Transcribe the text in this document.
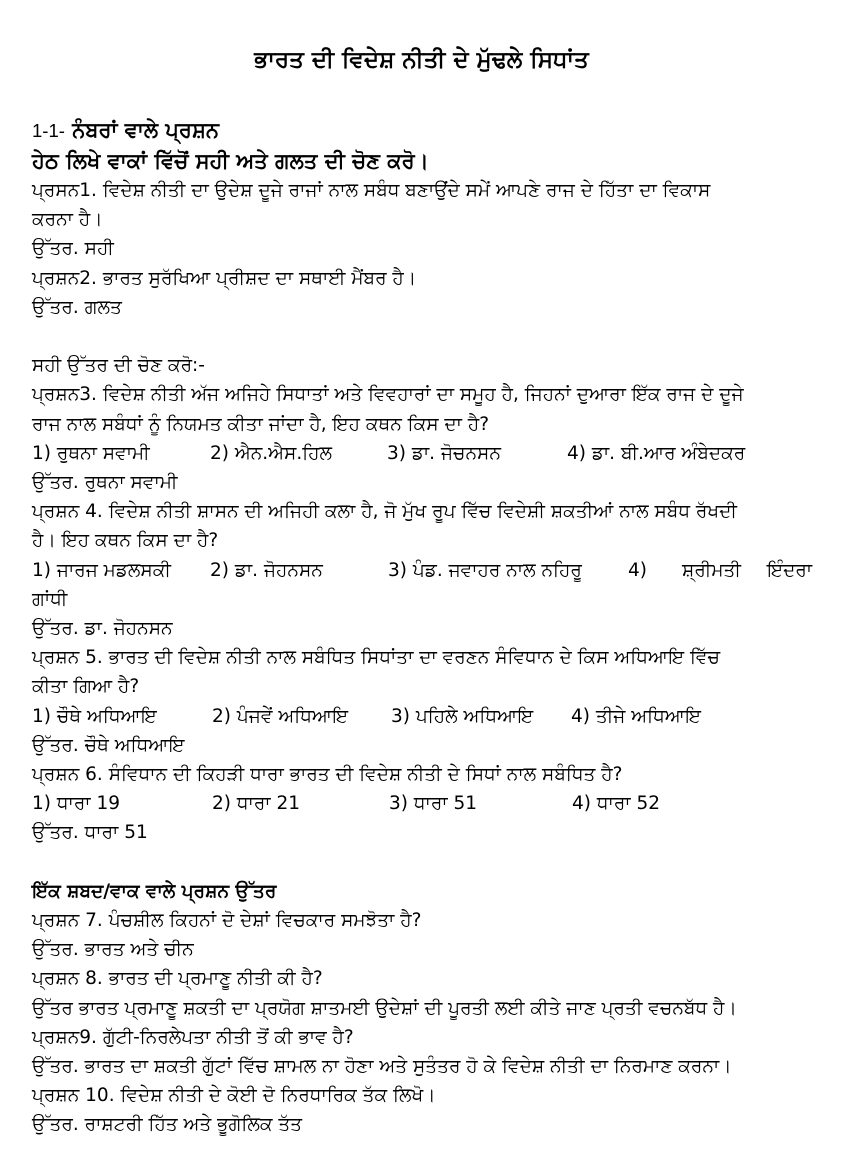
ਭਾਰਤ ਦੀ ਵਿਦੇਸ਼ ਨੀਤੀ ਦੇ ਮੁੱਢਲੇ ਸਿਧਾਂਤ
1-1- ਨੰਬਰਾਂ ਵਾਲੇ ਪ੍ਰਸ਼ਨ
ਹੇਠ ਲਿਖੇ ਵਾਕਾਂ ਵਿੱਚੋਂ ਸਹੀ ਅਤੇ ਗਲਤ ਦੀ ਚੋਣ ਕਰੋ।
ਪ੍ਰਸਨ1. ਵਿਦੇਸ਼ ਨੀਤੀ ਦਾ ਉਦੇਸ਼ ਦੂਜੇ ਰਾਜਾਂ ਨਾਲ ਸਬੰਧ ਬਣਾਉਂਦੇ ਸਮੇਂ ਆਪਣੇ ਰਾਜ ਦੇ ਹਿੱਤਾ ਦਾ ਵਿਕਾਸ
ਕਰਨਾ ਹੈ।
ਉੱਤਰ. ਸਹੀ
ਪ੍ਰਸ਼ਨ2. ਭਾਰਤ ਸੁਰੱਖਿਆ ਪ੍ਰੀਸ਼ਦ ਦਾ ਸਥਾਈ ਮੈਂਬਰ ਹੈ।
ਉੱਤਰ. ਗਲਤ
ਸਹੀ ਉੱਤਰ ਦੀ ਚੋਣ ਕਰੋ:-
ਪ੍ਰਸ਼ਨ3. ਵਿਦੇਸ਼ ਨੀਤੀ ਅੱਜ ਅਜਿਹੇ ਸਿਧਾਤਾਂ ਅਤੇ ਵਿਵਹਾਰਾਂ ਦਾ ਸਮੂਹ ਹੈ, ਜਿਹਨਾਂ ਦੁਆਰਾ ਇੱਕ ਰਾਜ ਦੇ ਦੂਜੇ
ਰਾਜ ਨਾਲ ਸਬੰਧਾਂ ਨੂੰ ਨਿਯਮਤ ਕੀਤਾ ਜਾਂਦਾ ਹੈ, ਇਹ ਕਥਨ ਕਿਸ ਦਾ ਹੈ?
1) ਰੁਥਨਾ ਸਵਾਮੀ	2) ਐਨ.ਐਸ.ਹਿਲ	3) ਡਾ. ਜੋਚਨਸਨ	4) ਡਾ. ਬੀ.ਆਰ ਅੰਬੇਦਕਰ
ਉੱਤਰ. ਰੁਥਨਾ ਸਵਾਮੀ
ਪ੍ਰਸ਼ਨ 4. ਵਿਦੇਸ਼ ਨੀਤੀ ਸ਼ਾਸਨ ਦੀ ਅਜਿਹੀ ਕਲਾ ਹੈ, ਜੋ ਮੁੱਖ ਰੂਪ ਵਿੱਚ ਵਿਦੇਸ਼ੀ ਸ਼ਕਤੀਆਂ ਨਾਲ ਸਬੰਧ ਰੱਖਦੀ
ਹੈ। ਇਹ ਕਥਨ ਕਿਸ ਦਾ ਹੈ?
1) ਜਾਰਜ ਮਡਲਸਕੀ	2) ਡਾ. ਜੋਹਨਸਨ	3) ਪੰਡ. ਜਵਾਹਰ ਨਾਲ ਨਹਿਰੂ	4)	ਸ਼੍ਰੀਮਤੀ	ਇੰਦਰਾ
ਗਾਂਧੀ
ਉੱਤਰ. ਡਾ. ਜੋਹਨਸਨ
ਪ੍ਰਸ਼ਨ 5. ਭਾਰਤ ਦੀ ਵਿਦੇਸ਼ ਨੀਤੀ ਨਾਲ ਸਬੰਧਿਤ ਸਿਧਾਂਤਾ ਦਾ ਵਰਣਨ ਸੰਵਿਧਾਨ ਦੇ ਕਿਸ ਅਧਿਆਇ ਵਿੱਚ
ਕੀਤਾ ਗਿਆ ਹੈ?
1) ਚੌਥੇ ਅਧਿਆਇ	2) ਪੰਜਵੇਂ ਅਧਿਆਇ	3) ਪਹਿਲੇ ਅਧਿਆਇ	4) ਤੀਜੇ ਅਧਿਆਇ
ਉੱਤਰ. ਚੌਥੇ ਅਧਿਆਇ
ਪ੍ਰਸ਼ਨ 6. ਸੰਵਿਧਾਨ ਦੀ ਕਿਹੜੀ ਧਾਰਾ ਭਾਰਤ ਦੀ ਵਿਦੇਸ਼ ਨੀਤੀ ਦੇ ਸਿਧਾਂ ਨਾਲ ਸਬੰਧਿਤ ਹੈ?
1) ਧਾਰਾ 19	2) ਧਾਰਾ 21	3) ਧਾਰਾ 51	4) ਧਾਰਾ 52
ਉੱਤਰ. ਧਾਰਾ 51
ਇੱਕ ਸ਼ਬਦ/ਵਾਕ ਵਾਲੇ ਪ੍ਰਸ਼ਨ ਉੱਤਰ
ਪ੍ਰਸ਼ਨ 7. ਪੰਚਸ਼ੀਲ ਕਿਹਨਾਂ ਦੋ ਦੇਸ਼ਾਂ ਵਿਚਕਾਰ ਸਮਝੋਤਾ ਹੈ?
ਉੱਤਰ. ਭਾਰਤ ਅਤੇ ਚੀਨ
ਪ੍ਰਸ਼ਨ 8. ਭਾਰਤ ਦੀ ਪ੍ਰਮਾਣੂ ਨੀਤੀ ਕੀ ਹੈ?
ਉੱਤਰ ਭਾਰਤ ਪ੍ਰਮਾਣੂ ਸ਼ਕਤੀ ਦਾ ਪ੍ਰਯੋਗ ਸ਼ਾਤਮਈ ਉਦੇਸ਼ਾਂ ਦੀ ਪੂਰਤੀ ਲਈ ਕੀਤੇ ਜਾਣ ਪ੍ਰਤੀ ਵਚਨਬੱਧ ਹੈ।
ਪ੍ਰਸ਼ਨ9. ਗੁੱਟੀ-ਨਿਰਲੇਪਤਾ ਨੀਤੀ ਤੋਂ ਕੀ ਭਾਵ ਹੈ?
ਉੱਤਰ. ਭਾਰਤ ਦਾ ਸ਼ਕਤੀ ਗੁੱਟਾਂ ਵਿੱਚ ਸ਼ਾਮਲ ਨਾ ਹੋਣਾ ਅਤੇ ਸੁਤੰਤਰ ਹੋ ਕੇ ਵਿਦੇਸ਼ ਨੀਤੀ ਦਾ ਨਿਰਮਾਣ ਕਰਨਾ।
ਪ੍ਰਸ਼ਨ 10. ਵਿਦੇਸ਼ ਨੀਤੀ ਦੇ ਕੋਈ ਦੋ ਨਿਰਧਾਰਿਕ ਤੱਕ ਲਿਖੋ।
ਉੱਤਰ. ਰਾਸ਼ਟਰੀ ਹਿੱਤ ਅਤੇ ਭੂਗੋਲਿਕ ਤੱਤ
